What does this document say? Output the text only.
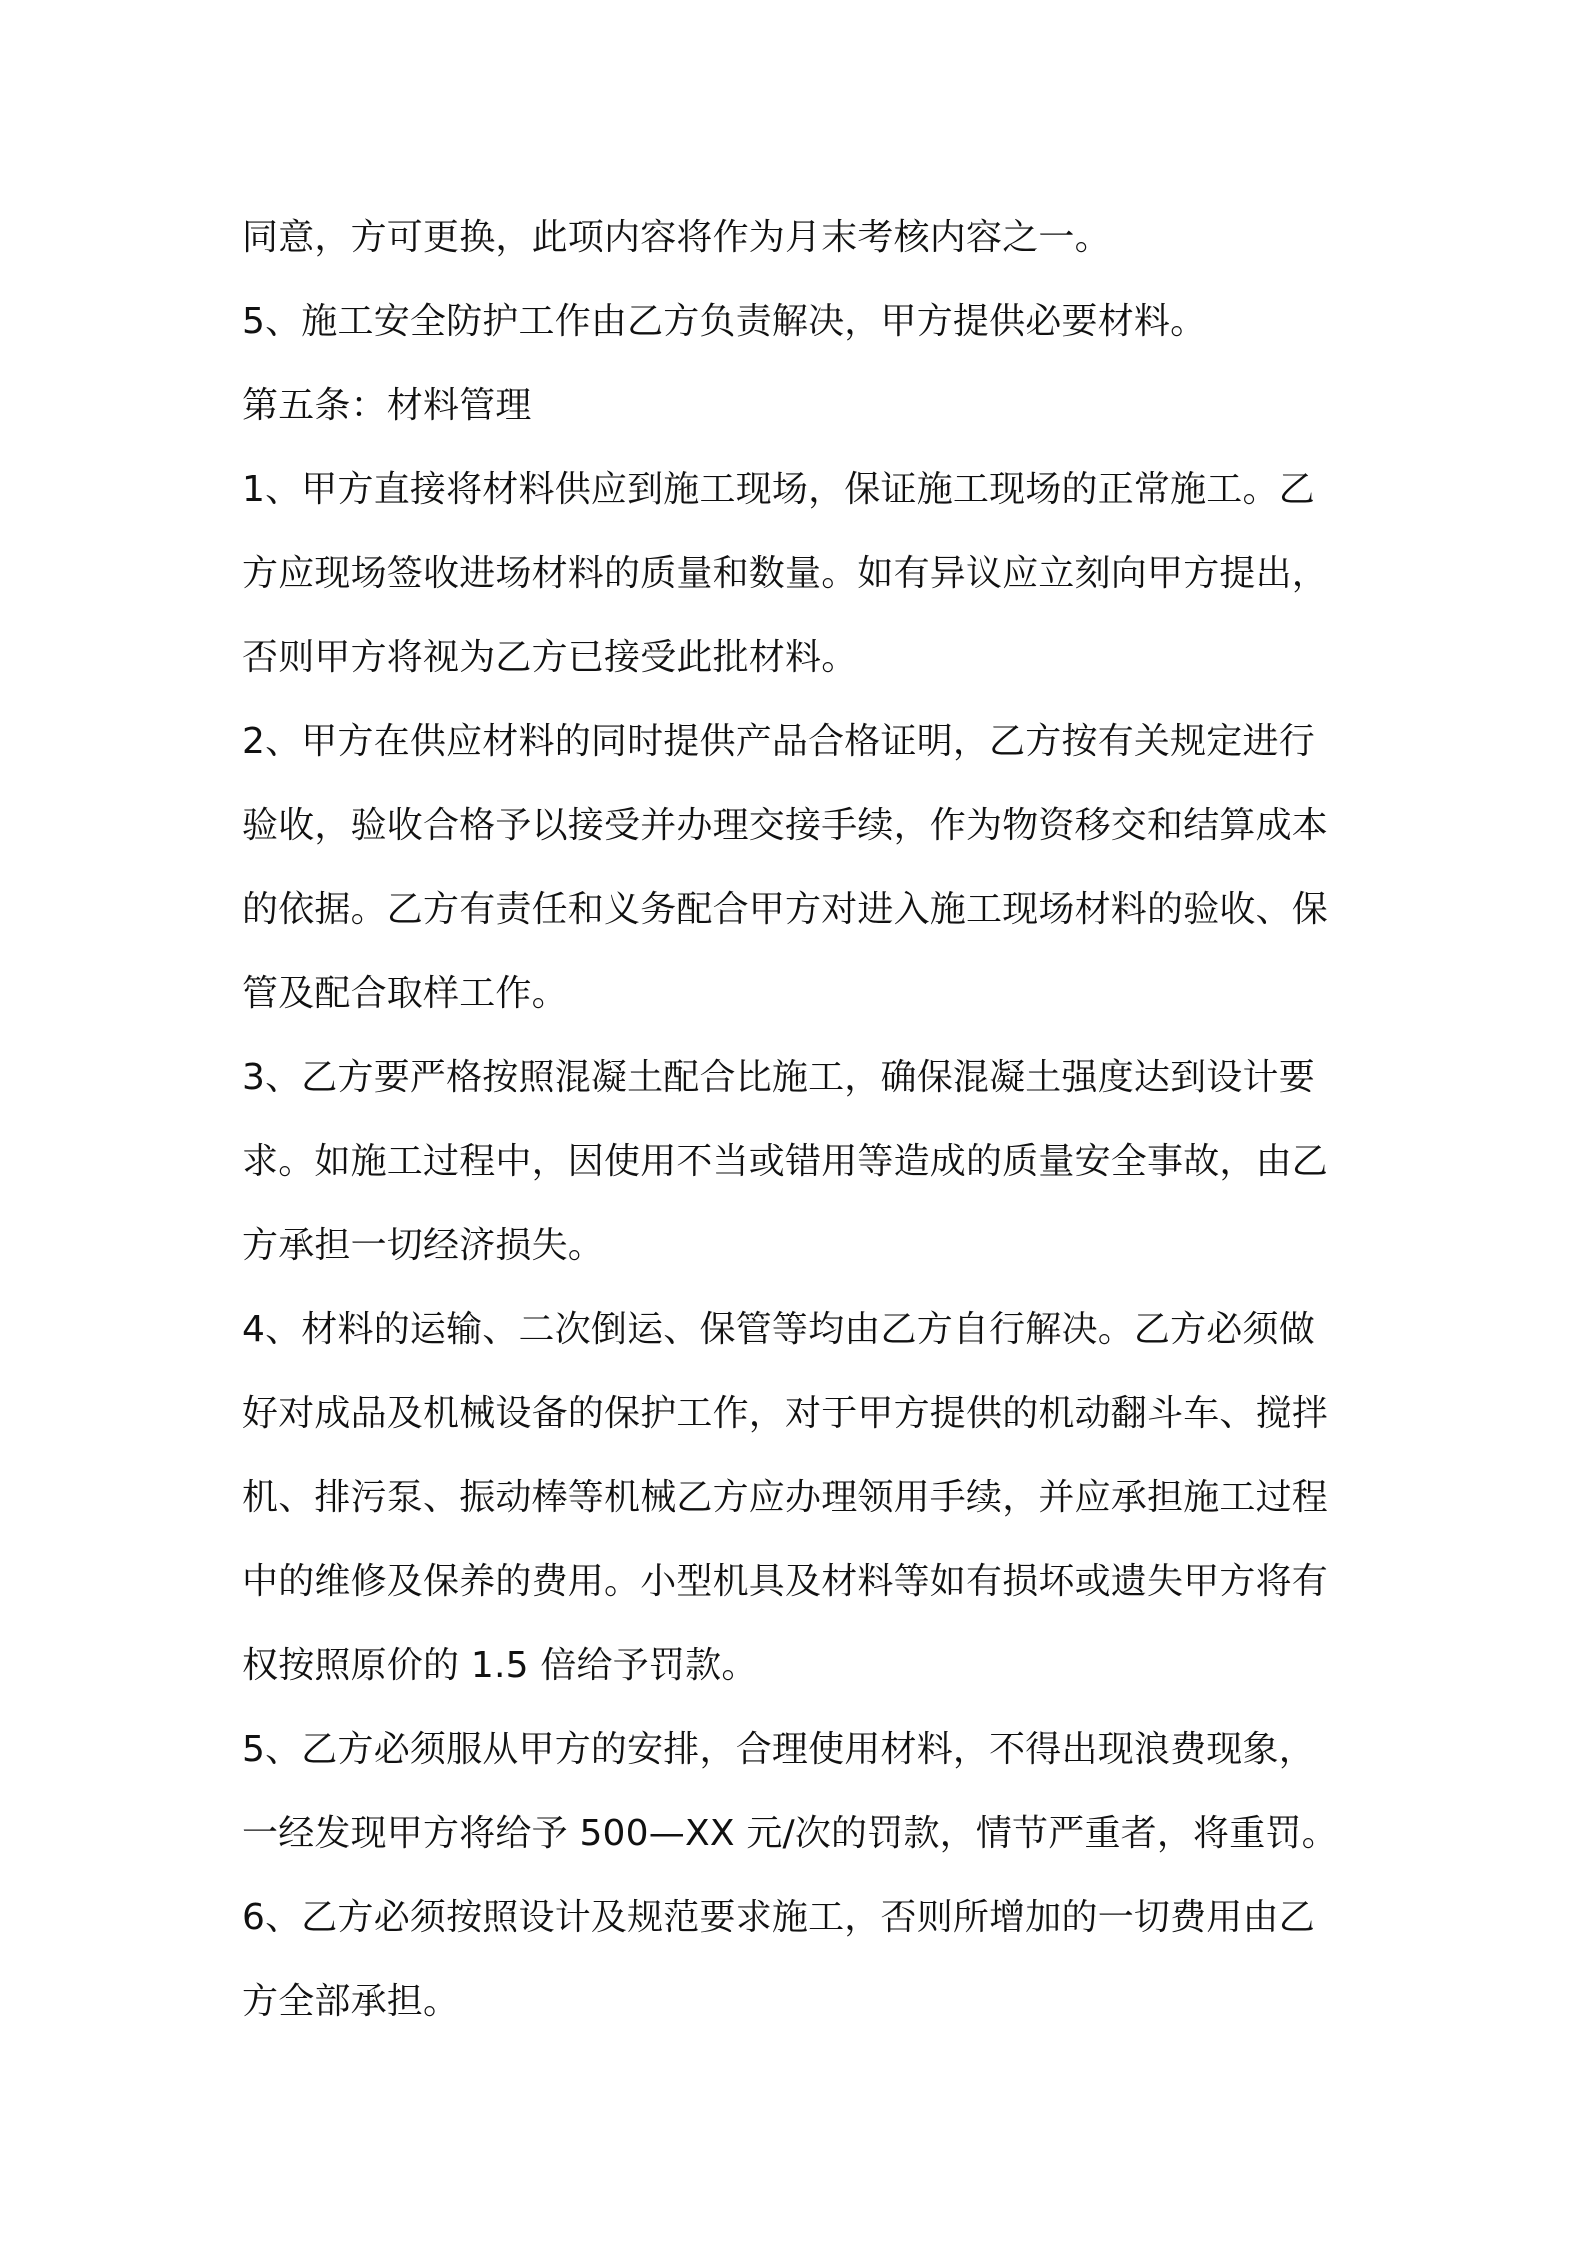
同意，方可更换，此项内容将作为月末考核内容之一。
5、施工安全防护工作由乙方负责解决，甲方提供必要材料。
第五条：材料管理
1、甲方直接将材料供应到施工现场，保证施工现场的正常施工。乙
方应现场签收进场材料的质量和数量。如有异议应立刻向甲方提出，
否则甲方将视为乙方已接受此批材料。
2、甲方在供应材料的同时提供产品合格证明，乙方按有关规定进行
验收，验收合格予以接受并办理交接手续，作为物资移交和结算成本
的依据。乙方有责任和义务配合甲方对进入施工现场材料的验收、保
管及配合取样工作。
3、乙方要严格按照混凝土配合比施工，确保混凝土强度达到设计要
求。如施工过程中，因使用不当或错用等造成的质量安全事故，由乙
方承担一切经济损失。
4、材料的运输、二次倒运、保管等均由乙方自行解决。乙方必须做
好对成品及机械设备的保护工作，对于甲方提供的机动翻斗车、搅拌
机、排污泵、振动棒等机械乙方应办理领用手续，并应承担施工过程
中的维修及保养的费用。小型机具及材料等如有损坏或遗失甲方将有
权按照原价的 1.5 倍给予罚款。
5、乙方必须服从甲方的安排，合理使用材料，不得出现浪费现象，
一经发现甲方将给予 500—XX 元/次的罚款，情节严重者，将重罚。
6、乙方必须按照设计及规范要求施工，否则所增加的一切费用由乙
方全部承担。
